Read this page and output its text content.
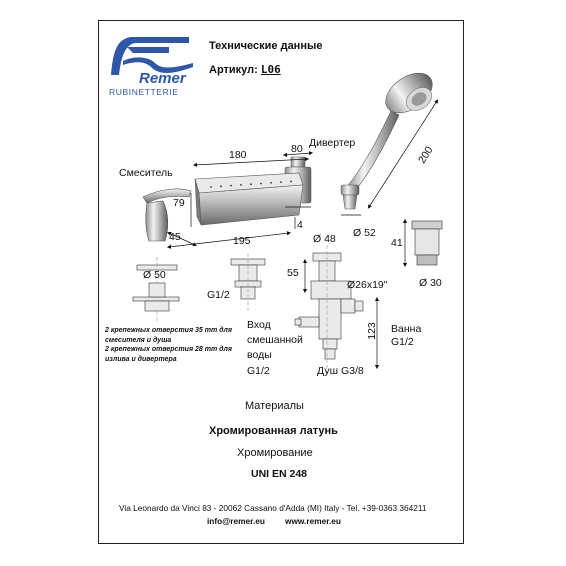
Remer
RUBINETTERIE
Технические данные
Артикул: L06
Смеситель
Дивертер
180	80	200
79
45	195
4
Ø 48 Ø 52
41
Ø 30
Ø 50	55
Ø26x19"
123
G1/2
Ванна
G1/2
Вход
смешанной
воды
G1/2	Душ G3/8
2 крепежных отверстия 35 mm для
смесителя и душа
2 крепежных отверстия 28 mm для
излива и дивертера
Материалы
Хромированная латунь
Хромирование
UNI EN 248
Via Leonardo da Vinci 83 - 20062 Cassano d'Adda (MI) Italy - Tel. +39-0363 364211
info@remer.eu www.remer.eu
